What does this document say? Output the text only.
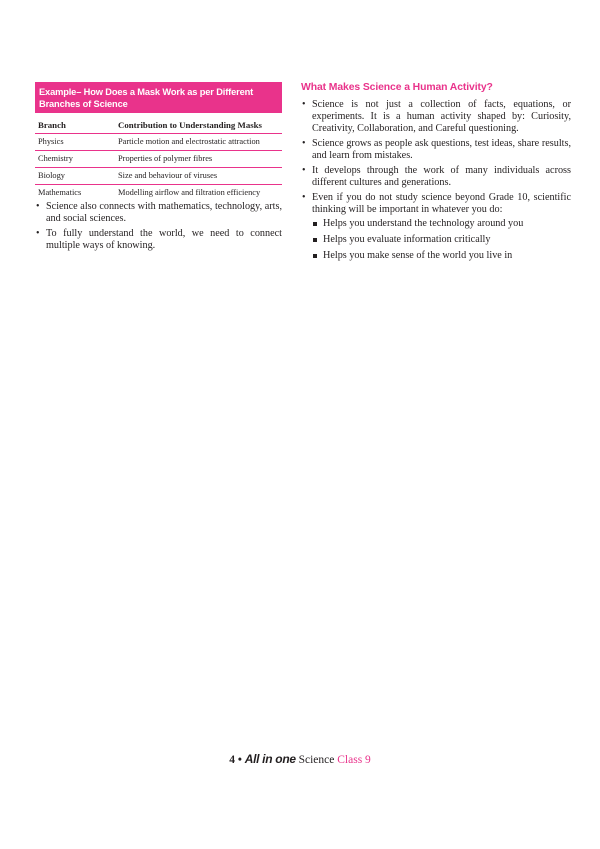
Example– How Does a Mask Work as per Different Branches of Science
Branch	Contribution to Understanding Masks
Physics	Particle motion and electrostatic attraction
Chemistry	Properties of polymer fibres
Biology	Size and behaviour of viruses
Mathematics	Modelling airflow and filtration efficiency
• Science also connects with mathematics, technology, arts, and social sciences.
• To fully understand the world, we need to connect multiple ways of knowing.
What Makes Science a Human Activity?
• Science is not just a collection of facts, equations, or experiments. It is a human activity shaped by: Curiosity, Creativity, Collaboration, and Careful questioning.
• Science grows as people ask questions, test ideas, share results, and learn from mistakes.
• It develops through the work of many individuals across different cultures and generations.
• Even if you do not study science beyond Grade 10, scientific thinking will be important in whatever you do:
Helps you understand the technology around you
Helps you evaluate information critically
Helps you make sense of the world you live in
4 • All in one Science Class 9
